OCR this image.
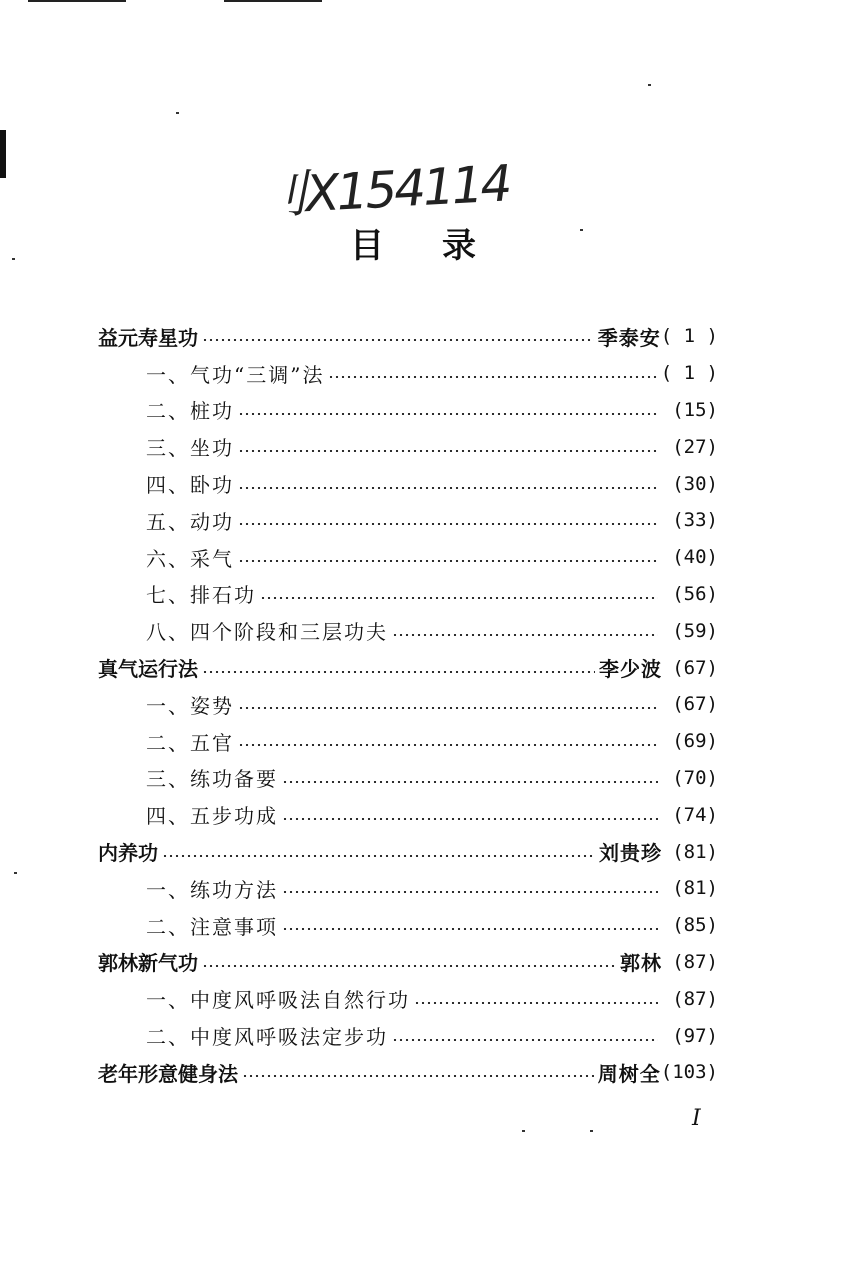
刂X154114
目录
益元寿星功	季泰安 ( 1 )
一、气功“三调”法	( 1 )
二、桩功	(15)
三、坐功	(27)
四、卧功	(30)
五、动功	(33)
六、采气	(40)
七、排石功	(56)
八、四个阶段和三层功夫	(59)
真气运行法	李少波 (67)
一、姿势	(67)
二、五官	(69)
三、练功备要	(70)
四、五步功成	(74)
内养功	刘贵珍 (81)
一、练功方法	(81)
二、注意事项	(85)
郭林新气功	郭林 (87)
一、中度风呼吸法自然行功	(87)
二、中度风呼吸法定步功	(97)
老年形意健身法	周树全 (103)
I
